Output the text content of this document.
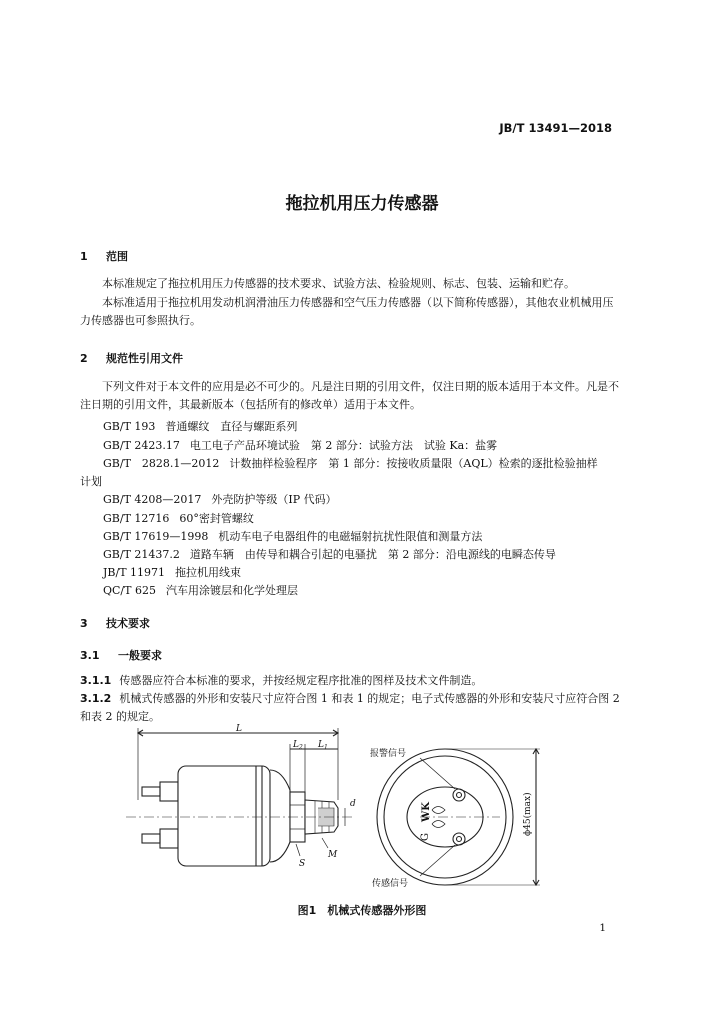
JB/T 13491—2018
拖拉机用压力传感器
1 范围
本标准规定了拖拉机用压力传感器的技术要求、试验方法、检验规则、标志、包装、运输和贮存。
本标准适用于拖拉机用发动机润滑油压力传感器和空气压力传感器（以下简称传感器），其他农业机械用压力传感器也可参照执行。
2 规范性引用文件
下列文件对于本文件的应用是必不可少的。凡是注日期的引用文件，仅注日期的版本适用于本文件。凡是不注日期的引用文件，其最新版本（包括所有的修改单）适用于本文件。
GB/T 193 普通螺纹　直径与螺距系列
GB/T 2423.17 电工电子产品环境试验　第 2 部分：试验方法　试验 Ka：盐雾
GB/T　2828.1—2012 计数抽样检验程序　第 1 部分：按接收质量限（AQL）检索的逐批检验抽样
计划
GB/T 4208—2017 外壳防护等级（IP 代码）
GB/T 12716 60°密封管螺纹
GB/T 17619—1998 机动车电子电器组件的电磁辐射抗扰性限值和测量方法
GB/T 21437.2 道路车辆　由传导和耦合引起的电骚扰　第 2 部分：沿电源线的电瞬态传导
JB/T 11971 拖拉机用线束
QC/T 625 汽车用涂镀层和化学处理层
3 技术要求
3.1 一般要求
3.1.1 传感器应符合本标准的要求，并按经规定程序批准的图样及技术文件制造。
3.1.2 机械式传感器的外形和安装尺寸应符合图 1 和表 1 的规定；电子式传感器的外形和安装尺寸应符合图 2 和表 2 的规定。
L
$L_2$ $L_1$
d
M
S
报警信号
传感信号
ϕ45(max)
WK
G
图1　机械式传感器外形图
1
